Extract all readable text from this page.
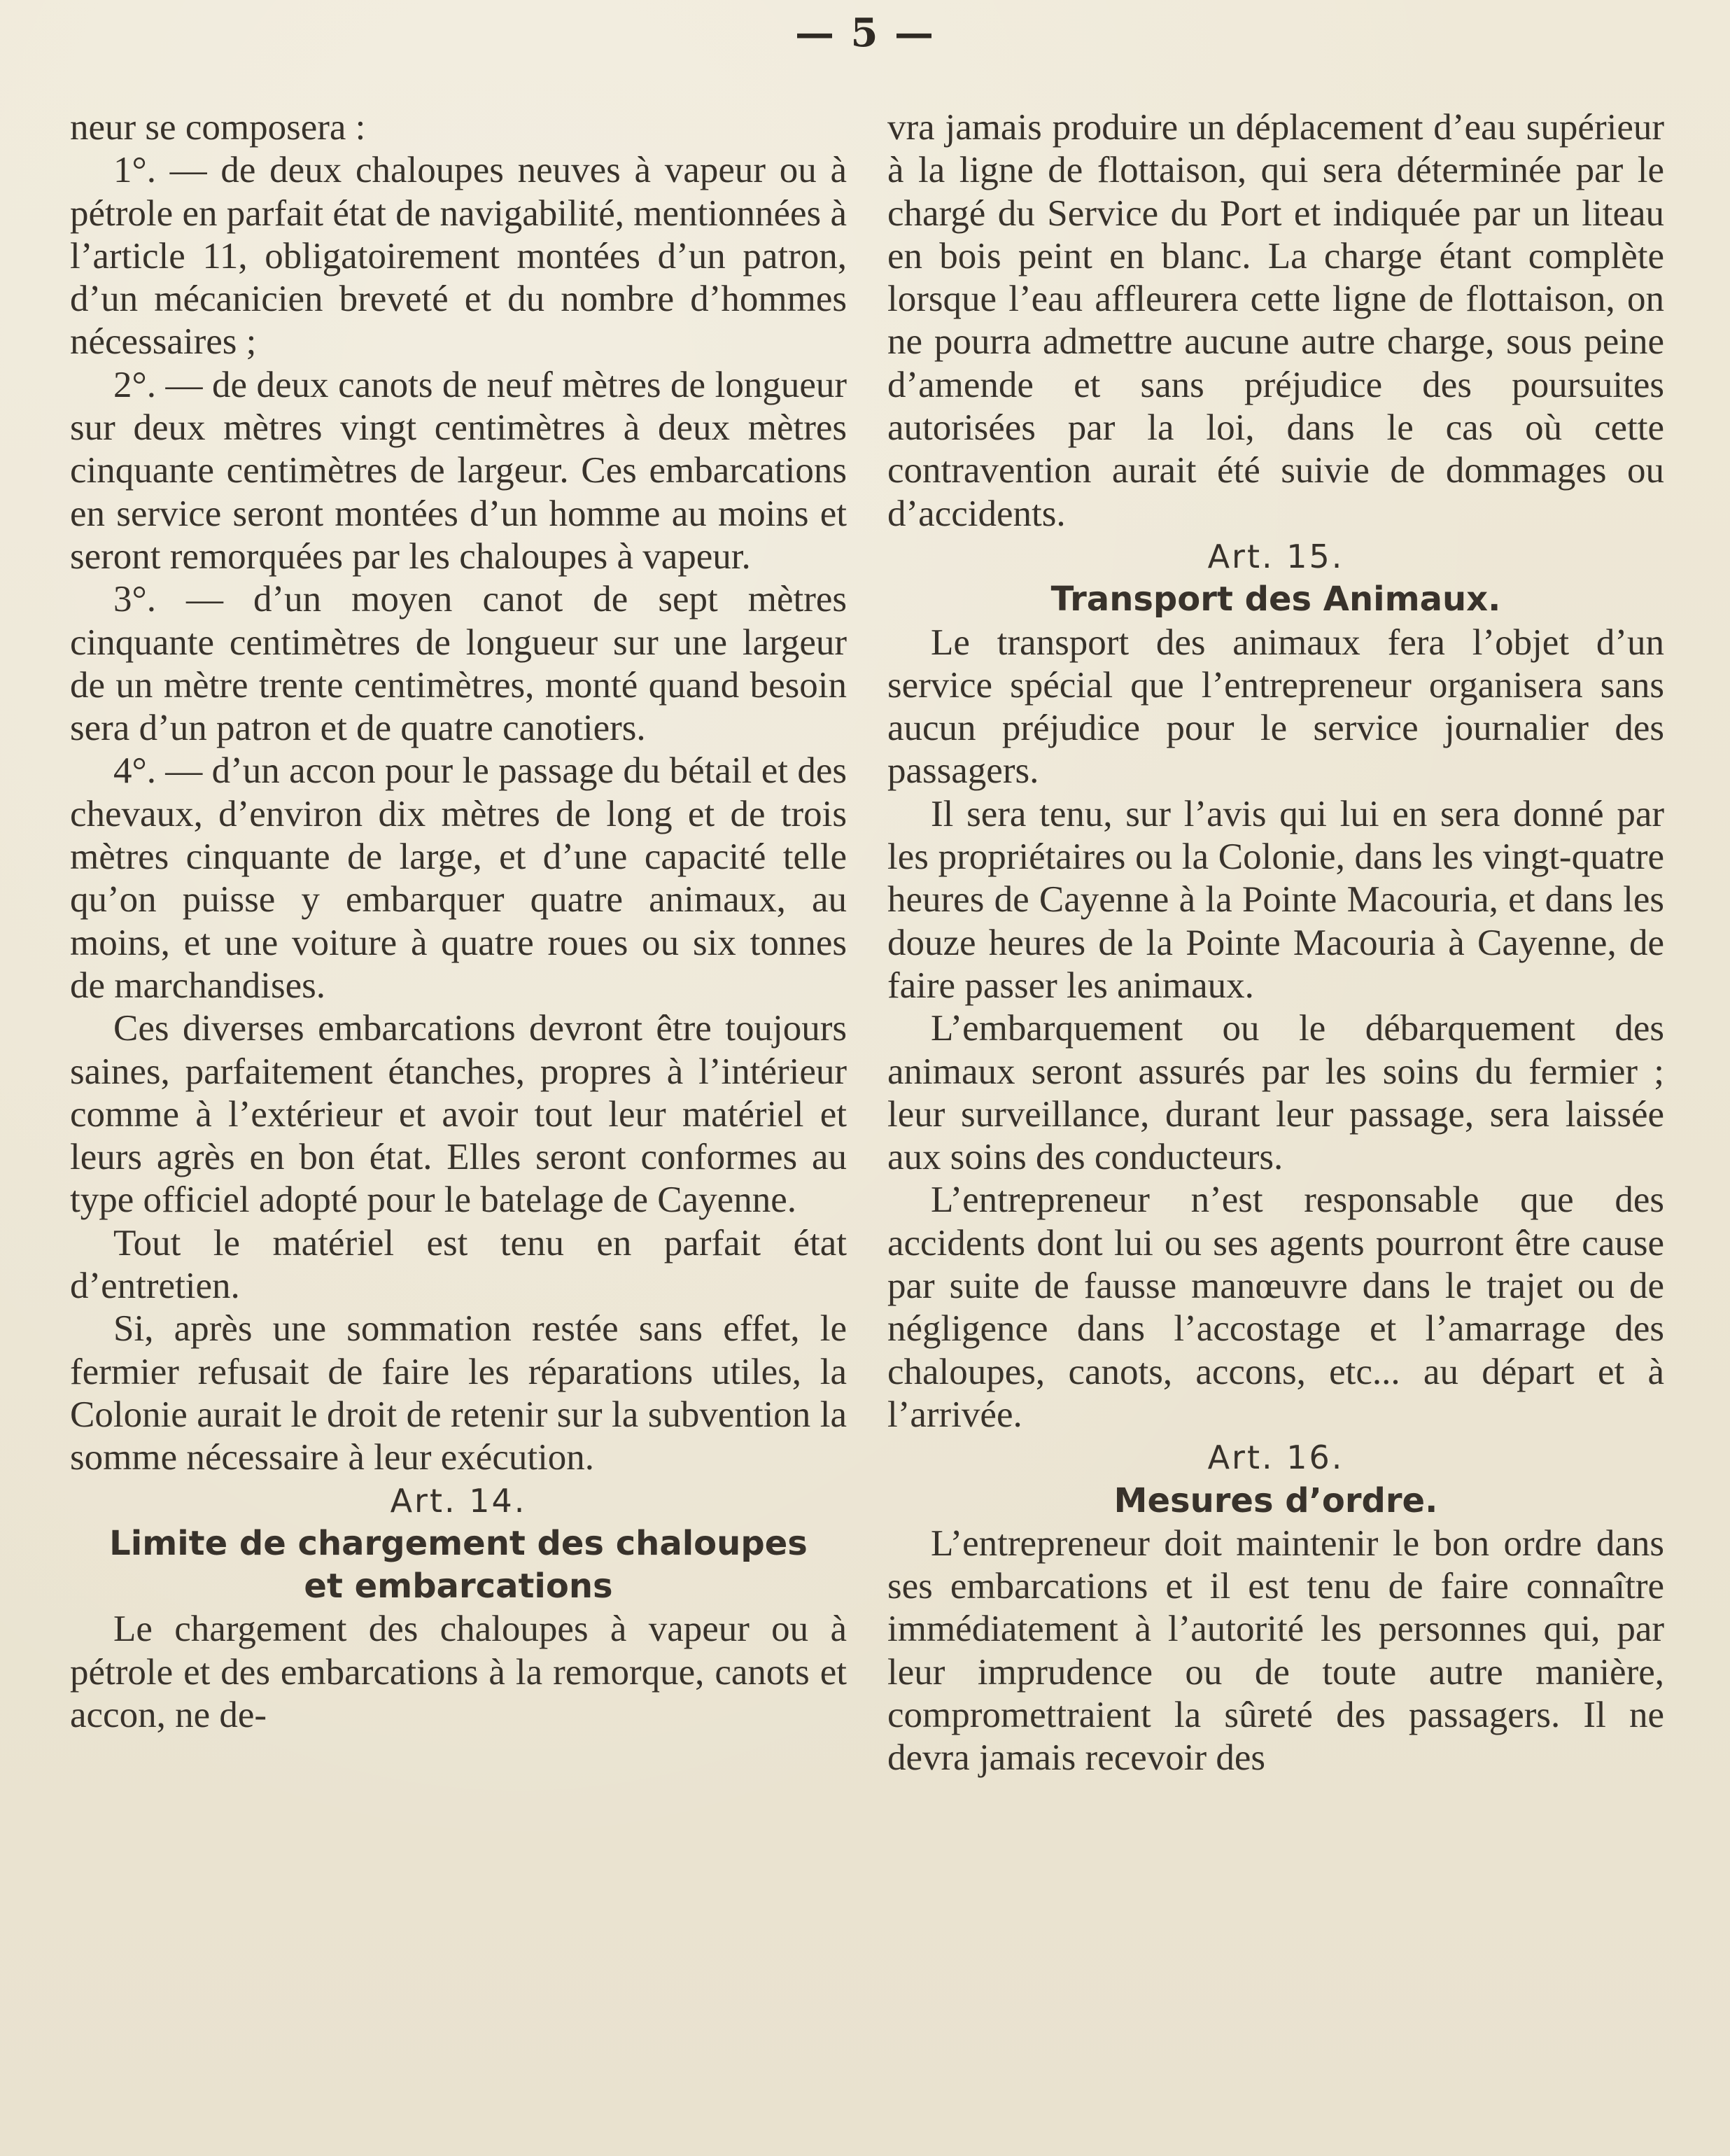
— 5 —

neur se composera :

1°. — de deux chaloupes neuves à vapeur ou à pétrole en parfait état de navigabilité, mentionnées à l’article 11, obligatoirement montées d’un patron, d’un mécanicien breveté et du nombre d’hommes nécessaires ;

2°. — de deux canots de neuf mètres de longueur sur deux mètres vingt centimètres à deux mètres cinquante centimètres de largeur. Ces embarcations en service seront montées d’un homme au moins et seront remorquées par les chaloupes à vapeur.

3°. — d’un moyen canot de sept mètres cinquante centimètres de longueur sur une largeur de un mètre trente centimètres, monté quand besoin sera d’un patron et de quatre canotiers.

4°. — d’un accon pour le passage du bétail et des chevaux, d’environ dix mètres de long et de trois mètres cinquante de large, et d’une capacité telle qu’on puisse y embarquer quatre animaux, au moins, et une voiture à quatre roues ou six tonnes de marchandises.

Ces diverses embarcations devront être toujours saines, parfaitement étanches, propres à l’intérieur comme à l’extérieur et avoir tout leur matériel et leurs agrès en bon état. Elles seront conformes au type officiel adopté pour le batelage de Cayenne.

Tout le matériel est tenu en parfait état d’entretien.

Si, après une sommation restée sans effet, le fermier refusait de faire les réparations utiles, la Colonie aurait le droit de retenir sur la subvention la somme nécessaire à leur exécution.

Art. 14.
Limite de chargement des chaloupes
et embarcations

Le chargement des chaloupes à vapeur ou à pétrole et des embarcations à la remorque, canots et accon, ne de-

vra jamais produire un déplacement d’eau supérieur à la ligne de flottaison, qui sera déterminée par le chargé du Service du Port et indiquée par un liteau en bois peint en blanc. La charge étant complète lorsque l’eau affleurera cette ligne de flottaison, on ne pourra admettre aucune autre charge, sous peine d’amende et sans préjudice des poursuites autorisées par la loi, dans le cas où cette contravention aurait été suivie de dommages ou d’accidents.

Art. 15.
Transport des Animaux.

Le transport des animaux fera l’objet d’un service spécial que l’entrepreneur organisera sans aucun préjudice pour le service journalier des passagers.

Il sera tenu, sur l’avis qui lui en sera donné par les propriétaires ou la Colonie, dans les vingt-quatre heures de Cayenne à la Pointe Macouria, et dans les douze heures de la Pointe Macouria à Cayenne, de faire passer les animaux.

L’embarquement ou le débarquement des animaux seront assurés par les soins du fermier ; leur surveillance, durant leur passage, sera laissée aux soins des conducteurs.

L’entrepreneur n’est responsable que des accidents dont lui ou ses agents pourront être cause par suite de fausse manœuvre dans le trajet ou de négligence dans l’accostage et l’amarrage des chaloupes, canots, accons, etc... au départ et à l’arrivée.

Art. 16.
Mesures d’ordre.

L’entrepreneur doit maintenir le bon ordre dans ses embarcations et il est tenu de faire connaître immédiatement à l’autorité les personnes qui, par leur imprudence ou de toute autre manière, compromettraient la sûreté des passagers. Il ne devra jamais recevoir des
